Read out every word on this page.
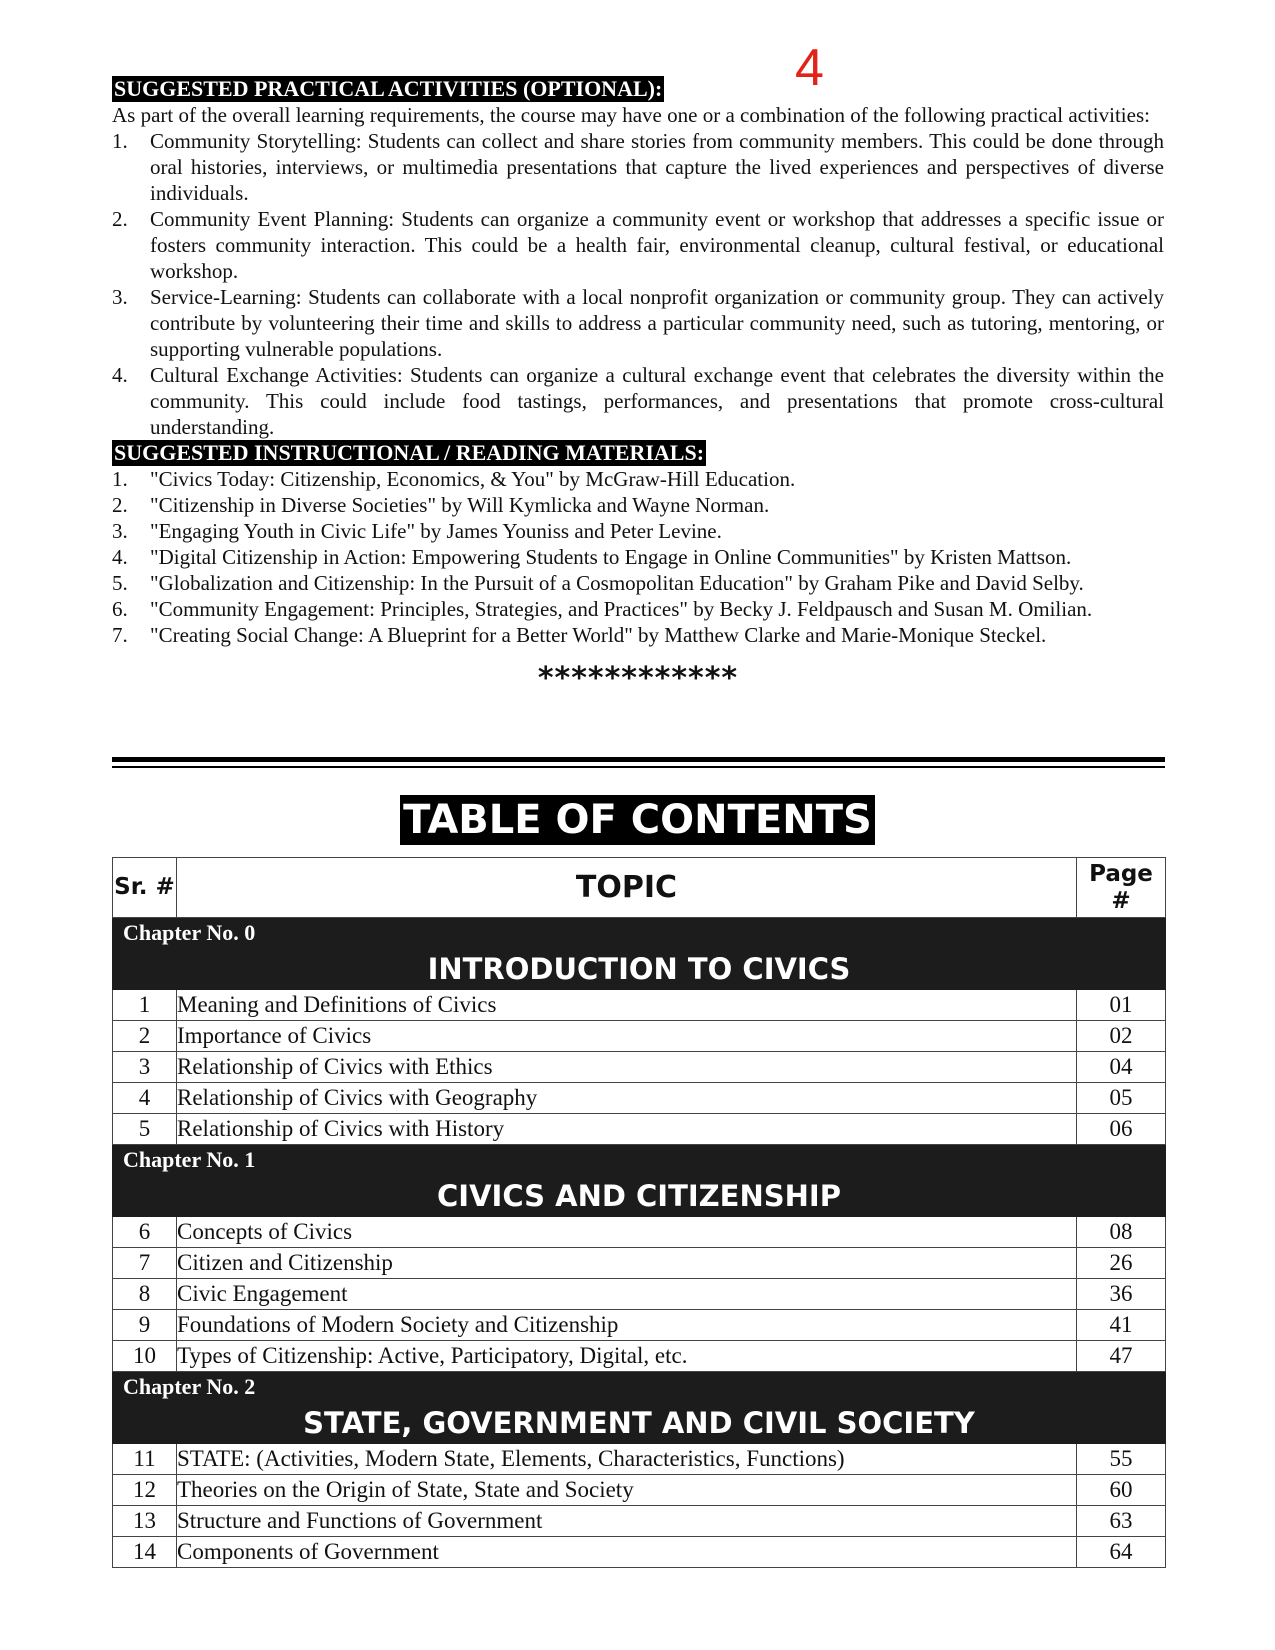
4
SUGGESTED PRACTICAL ACTIVITIES (OPTIONAL):

As part of the overall learning requirements, the course may have one or a combination of the following practical activities:

1.	Community Storytelling: Students can collect and share stories from community members. This could be done through oral histories, interviews, or multimedia presentations that capture the lived experiences and perspectives of diverse individuals.
2.	Community Event Planning: Students can organize a community event or workshop that addresses a specific issue or fosters community interaction. This could be a health fair, environmental cleanup, cultural festival, or educational workshop.
3.	Service-Learning: Students can collaborate with a local nonprofit organization or community group. They can actively contribute by volunteering their time and skills to address a particular community need, such as tutoring, mentoring, or supporting vulnerable populations.
4.	Cultural Exchange Activities: Students can organize a cultural exchange event that celebrates the diversity within the community. This could include food tastings, performances, and presentations that promote cross-cultural understanding.
SUGGESTED INSTRUCTIONAL / READING MATERIALS:
1.	"Civics Today: Citizenship, Economics, & You" by McGraw-Hill Education.
2.	"Citizenship in Diverse Societies" by Will Kymlicka and Wayne Norman.
3.	"Engaging Youth in Civic Life" by James Youniss and Peter Levine.
4.	"Digital Citizenship in Action: Empowering Students to Engage in Online Communities" by Kristen Mattson.
5.	"Globalization and Citizenship: In the Pursuit of a Cosmopolitan Education" by Graham Pike and David Selby.
6.	"Community Engagement: Principles, Strategies, and Practices" by Becky J. Feldpausch and Susan M. Omilian.
7.	"Creating Social Change: A Blueprint for a Better World" by Matthew Clarke and Marie-Monique Steckel.
************
TABLE OF CONTENTS
Sr. #	TOPIC	Page #
Chapter No. 0		
INTRODUCTION TO CIVICS		
1	Meaning and Definitions of Civics	01
2	Importance of Civics	02
3	Relationship of Civics with Ethics	04
4	Relationship of Civics with Geography	05
5	Relationship of Civics with History	06
Chapter No. 1		
CIVICS AND CITIZENSHIP		
6	Concepts of Civics	08
7	Citizen and Citizenship	26
8	Civic Engagement	36
9	Foundations of Modern Society and Citizenship	41
10	Types of Citizenship: Active, Participatory, Digital, etc.	47
Chapter No. 2		
STATE, GOVERNMENT AND CIVIL SOCIETY		
11	STATE: (Activities, Modern State, Elements, Characteristics, Functions)	55
12	Theories on the Origin of State, State and Society	60
13	Structure and Functions of Government	63
14	Components of Government	64
